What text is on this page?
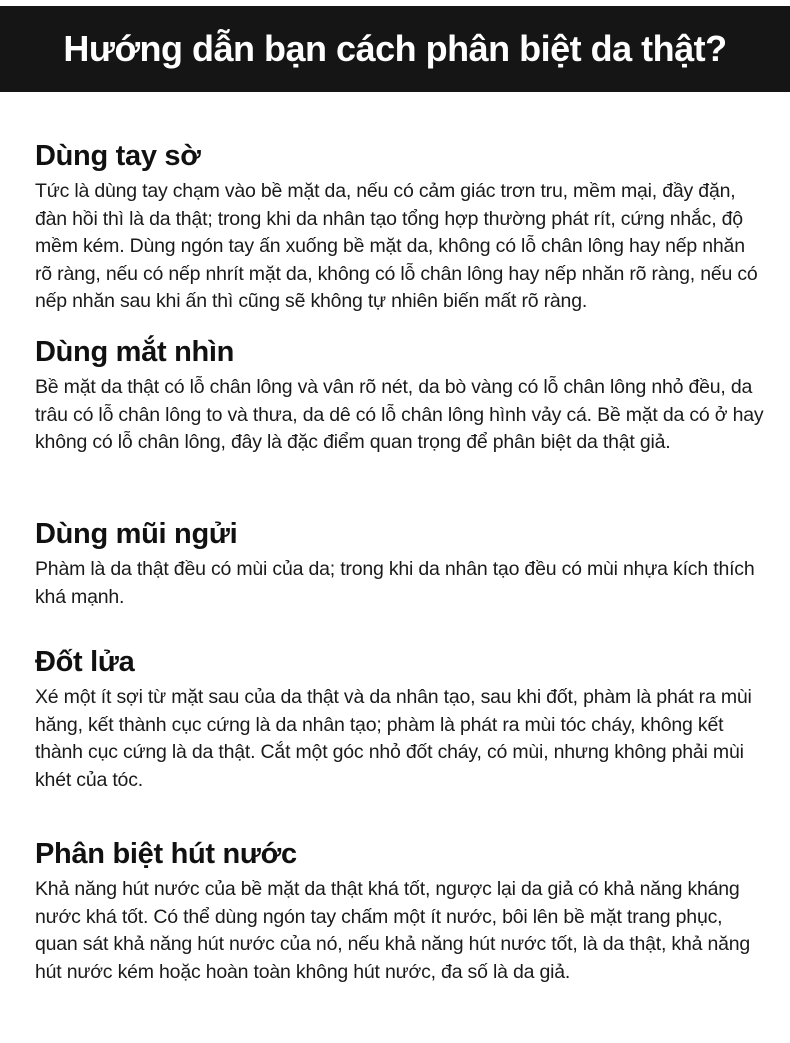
Hướng dẫn bạn cách phân biệt da thật?
Dùng tay sờ

Tức là dùng tay chạm vào bề mặt da, nếu có cảm giác trơn tru, mềm mại, đầy đặn, đàn hồi thì là da thật; trong khi da nhân tạo tổng hợp thường phát rít, cứng nhắc, độ mềm kém. Dùng ngón tay ấn xuống bề mặt da, không có lỗ chân lông hay nếp nhăn rõ ràng, nếu có nếp nhrít mặt da, không có lỗ chân lông hay nếp nhăn rõ ràng, nếu có nếp nhăn sau khi ấn thì cũng sẽ không tự nhiên biến mất rõ ràng.

Dùng mắt nhìn

Bề mặt da thật có lỗ chân lông và vân rõ nét, da bò vàng có lỗ chân lông nhỏ đều, da trâu có lỗ chân lông to và thưa, da dê có lỗ chân lông hình vảy cá. Bề mặt da có ở hay không có lỗ chân lông, đây là đặc điểm quan trọng để phân biệt da thật giả.

Dùng mũi ngửi

Phàm là da thật đều có mùi của da; trong khi da nhân tạo đều có mùi nhựa kích thích khá mạnh.

Đốt lửa

Xé một ít sợi từ mặt sau của da thật và da nhân tạo, sau khi đốt, phàm là phát ra mùi hăng, kết thành cục cứng là da nhân tạo; phàm là phát ra mùi tóc cháy, không kết thành cục cứng là da thật. Cắt một góc nhỏ đốt cháy, có mùi, nhưng không phải mùi khét của tóc.

Phân biệt hút nước

Khả năng hút nước của bề mặt da thật khá tốt, ngược lại da giả có khả năng kháng nước khá tốt. Có thể dùng ngón tay chấm một ít nước, bôi lên bề mặt trang phục, quan sát khả năng hút nước của nó, nếu khả năng hút nước tốt, là da thật, khả năng hút nước kém hoặc hoàn toàn không hút nước, đa số là da giả.
